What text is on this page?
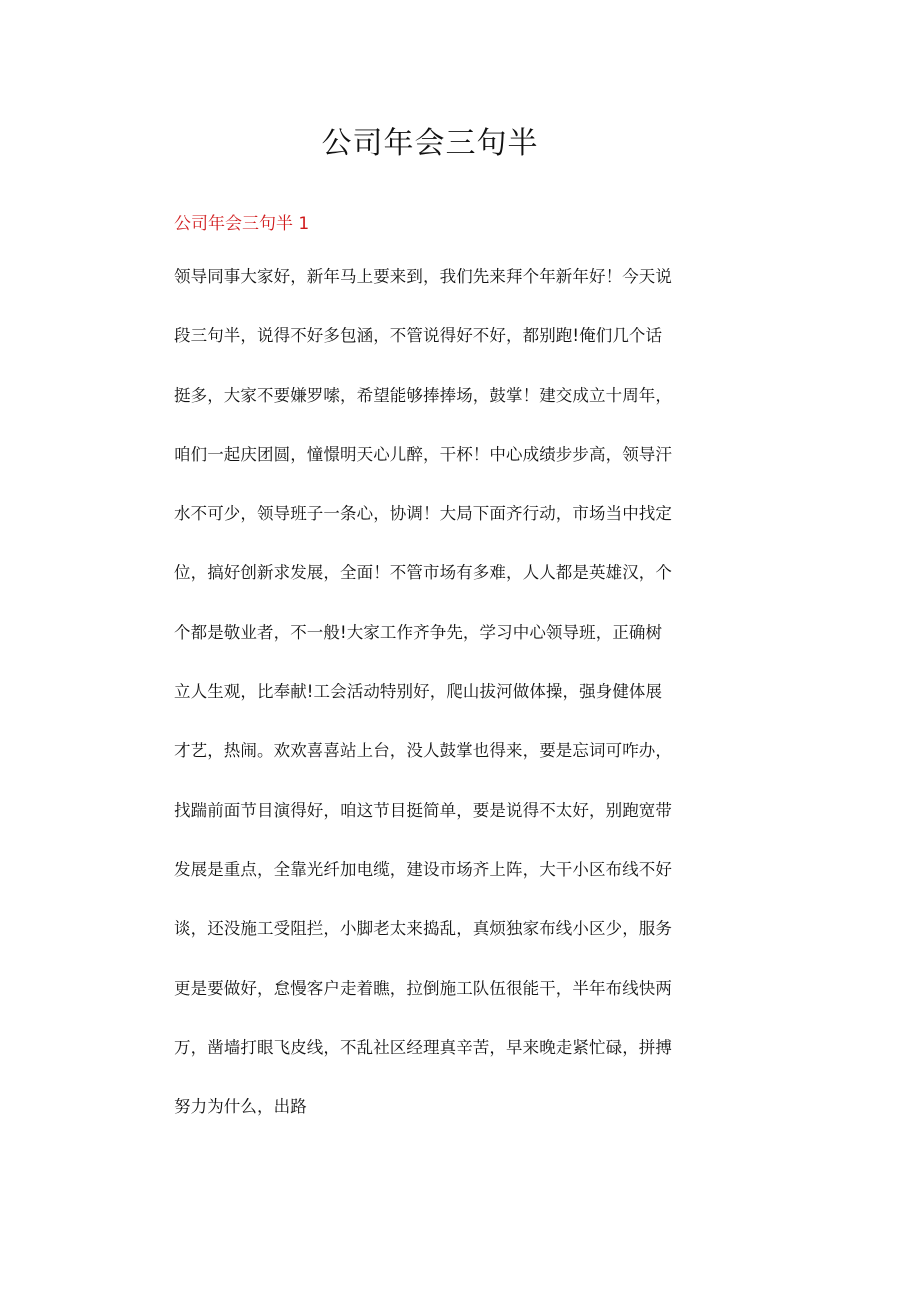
公司年会三句半
公司年会三句半 1
领导同事大家好，新年马上要来到，我们先来拜个年新年好！今天说
段三句半，说得不好多包涵，不管说得好不好，都别跑!俺们几个话
挺多，大家不要嫌罗嗦，希望能够捧捧场，鼓掌！建交成立十周年，
咱们一起庆团圆，憧憬明天心儿醉，干杯！中心成绩步步高，领导汗
水不可少，领导班子一条心，协调！大局下面齐行动，市场当中找定
位，搞好创新求发展，全面！不管市场有多难，人人都是英雄汉，个
个都是敬业者，不一般!大家工作齐争先，学习中心领导班，正确树
立人生观，比奉献!工会活动特别好，爬山拔河做体操，强身健体展
才艺，热闹。欢欢喜喜站上台，没人鼓掌也得来，要是忘词可咋办，
找踹前面节目演得好，咱这节目挺简单，要是说得不太好，别跑宽带
发展是重点，全靠光纤加电缆，建设市场齐上阵，大干小区布线不好
谈，还没施工受阻拦，小脚老太来捣乱，真烦独家布线小区少，服务
更是要做好，怠慢客户走着瞧，拉倒施工队伍很能干，半年布线快两
万，凿墙打眼飞皮线，不乱社区经理真辛苦，早来晚走紧忙碌，拼搏
努力为什么，出路
